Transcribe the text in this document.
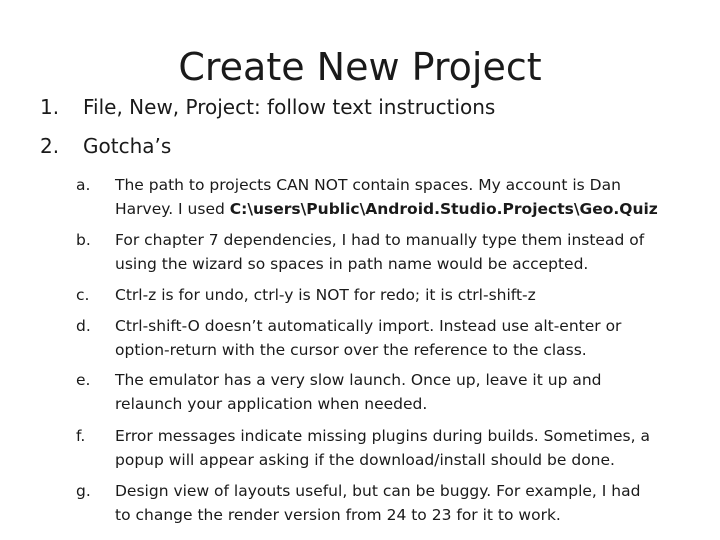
Create New Project
1. File, New, Project: follow text instructions
2. Gotcha’s
a. The path to projects CAN NOT contain spaces. My account is Dan
Harvey. I used C:\users\Public\Android.Studio.Projects\Geo.Quiz
b. For chapter 7 dependencies, I had to manually type them instead of
using the wizard so spaces in path name would be accepted.
c. Ctrl-z is for undo, ctrl-y is NOT for redo; it is ctrl-shift-z
d. Ctrl-shift-O doesn’t automatically import. Instead use alt-enter or
option-return with the cursor over the reference to the class.
e. The emulator has a very slow launch. Once up, leave it up and
relaunch your application when needed.
f. Error messages indicate missing plugins during builds. Sometimes, a
popup will appear asking if the download/install should be done.
g. Design view of layouts useful, but can be buggy. For example, I had
to change the render version from 24 to 23 for it to work.
